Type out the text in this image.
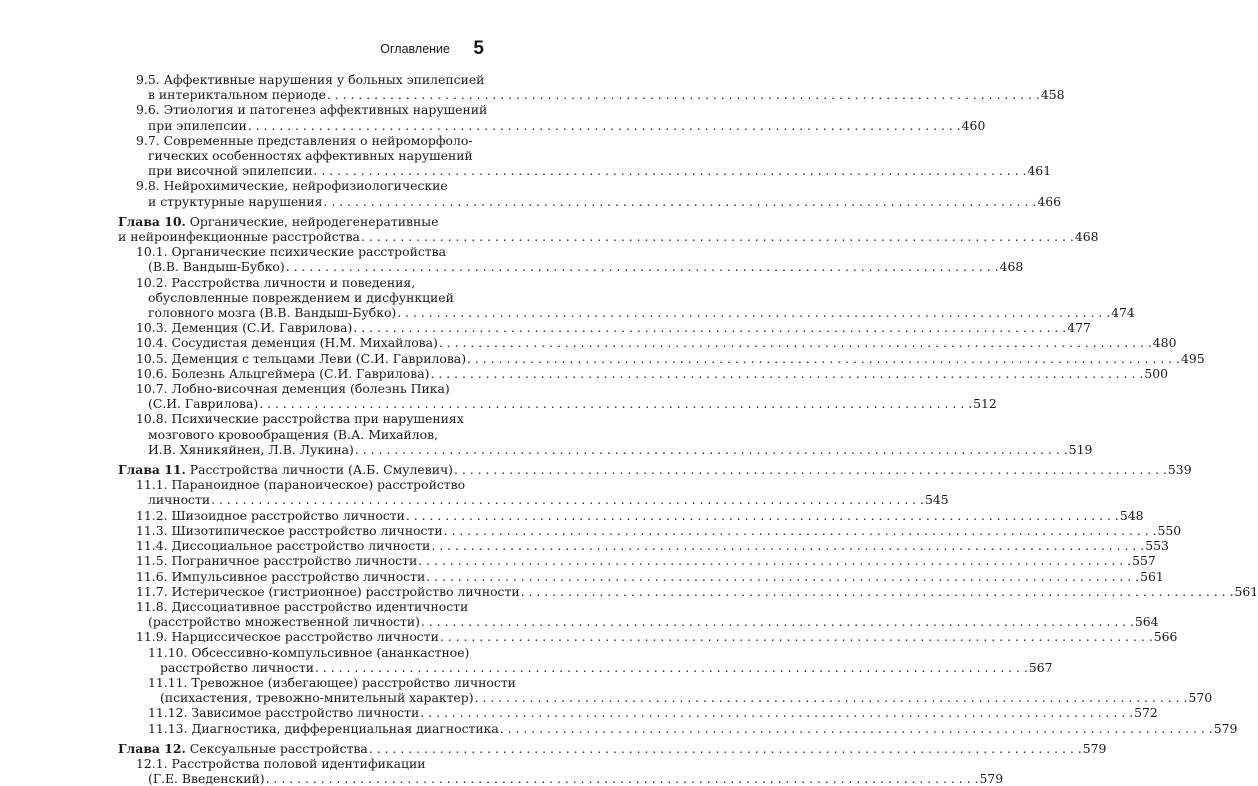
Оглавление 5
9.5. Аффективные нарушения у больных эпилепсией
в интериктальном периоде . . .	458
9.6. Этиология и патогенез аффективных нарушений
при эпилепсии . . .	460
9.7. Современные представления о нейроморфоло-
гических особенностях аффективных нарушений
при височной эпилепсии . . .	461
9.8. Нейрохимические, нейрофизиологические
и структурные нарушения . . .	466
Глава 10. Органические, нейродегенеративные
и нейроинфекционные расстройства . . .	468
10.1. Органические психические расстройства
(В.В. Вандыш-Бубко) . . .	468
10.2. Расстройства личности и поведения,
обусловленные повреждением и дисфункцией
головного мозга (В.В. Вандыш-Бубко) . . .	474
10.3. Деменция (С.И. Гаврилова) . . .	477
10.4. Сосудистая деменция (Н.М. Михайлова) . . .	480
10.5. Деменция с тельцами Леви (С.И. Гаврилова) . . .	495
10.6. Болезнь Альцгеймера (С.И. Гаврилова) . . .	500
10.7. Лобно-височная деменция (болезнь Пика)
(С.И. Гаврилова) . . .	512
10.8. Психические расстройства при нарушениях
мозгового кровообращения (В.А. Михайлов,
И.В. Хяникяйнен, Л.В. Лукина) . . .	519
Глава 11. Расстройства личности (А.Б. Смулевич) . . .	539
11.1. Параноидное (параноическое) расстройство
личности . . .	545
11.2. Шизоидное расстройство личности . . .	548
11.3. Шизотипическое расстройство личности . . .	550
11.4. Диссоциальное расстройство личности . . .	553
11.5. Пограничное расстройство личности . . .	557
11.6. Импульсивное расстройство личности . . .	561
11.7. Истерическое (гистрионное) расстройство личности . . .	561
11.8. Диссоциативное расстройство идентичности
(расстройство множественной личности) . . .	564
11.9. Нарциссическое расстройство личности . . .	566
11.10. Обсессивно-компульсивное (ананкастное)
расстройство личности . . .	567
11.11. Тревожное (избегающее) расстройство личности
(психастения, тревожно-мнительный характер) . . .	570
11.12. Зависимое расстройство личности . . .	572
11.13. Диагностика, дифференциальная диагностика . . .	579
Глава 12. Сексуальные расстройства . . .	579
12.1. Расстройства половой идентификации
(Г.Е. Введенский) . . .	579
